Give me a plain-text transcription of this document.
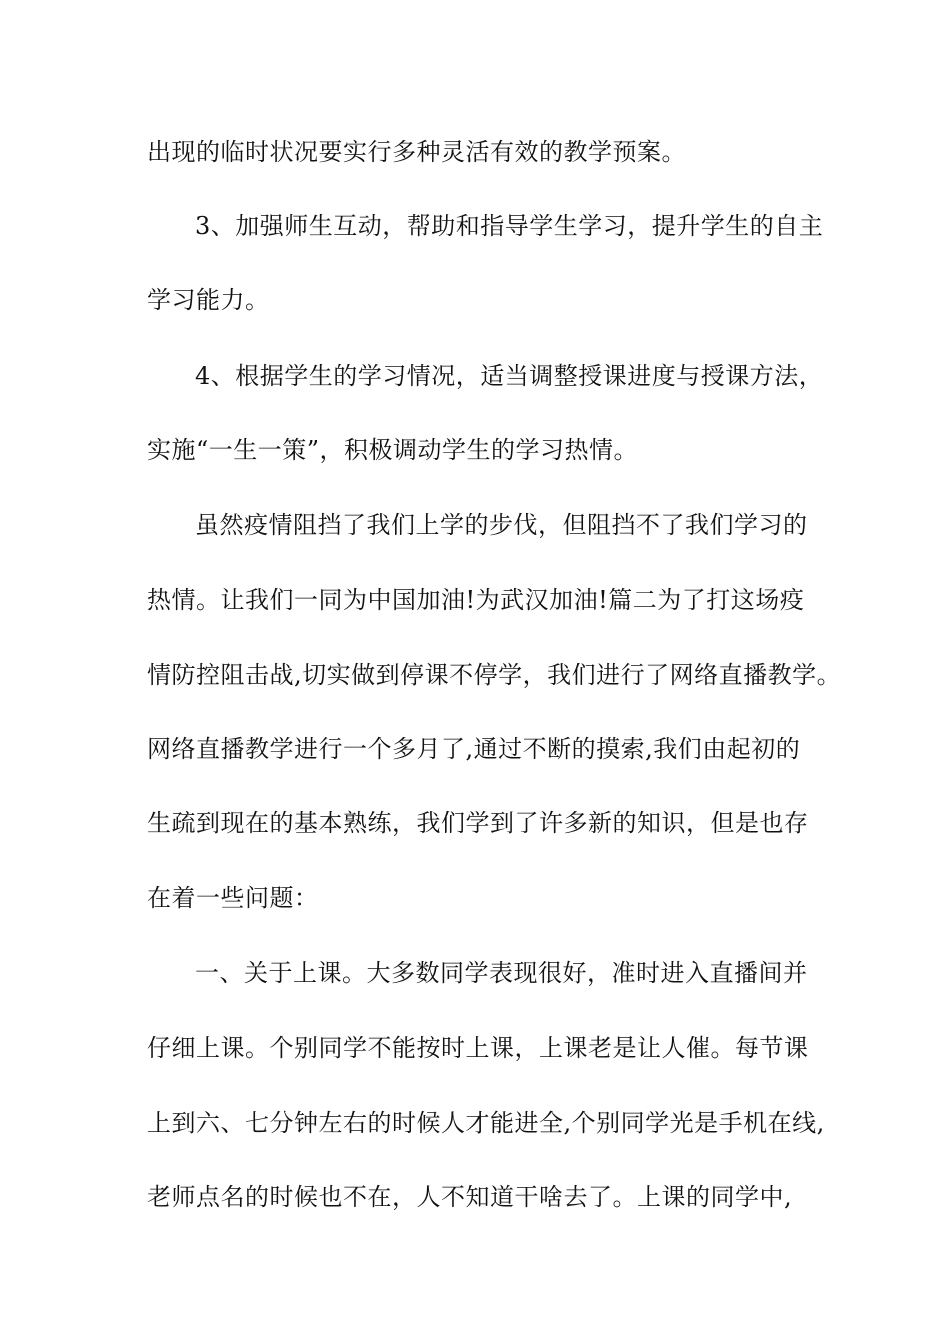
出现的临时状况要实行多种灵活有效的教学预案。
3、加强师生互动，帮助和指导学生学习，提升学生的自主
学习能力。
4、根据学生的学习情况，适当调整授课进度与授课方法，
实施“一生一策”，积极调动学生的学习热情。
虽然疫情阻挡了我们上学的步伐，但阻挡不了我们学习的
热情。让我们一同为中国加油!为武汉加油!篇二为了打这场疫
情防控阻击战,切实做到停课不停学，我们进行了网络直播教学。
网络直播教学进行一个多月了,通过不断的摸索,我们由起初的
生疏到现在的基本熟练，我们学到了许多新的知识，但是也存
在着一些问题：
一、关于上课。大多数同学表现很好，准时进入直播间并
仔细上课。个别同学不能按时上课，上课老是让人催。每节课
上到六、七分钟左右的时候人才能进全,个别同学光是手机在线,
老师点名的时候也不在，人不知道干啥去了。上课的同学中,
